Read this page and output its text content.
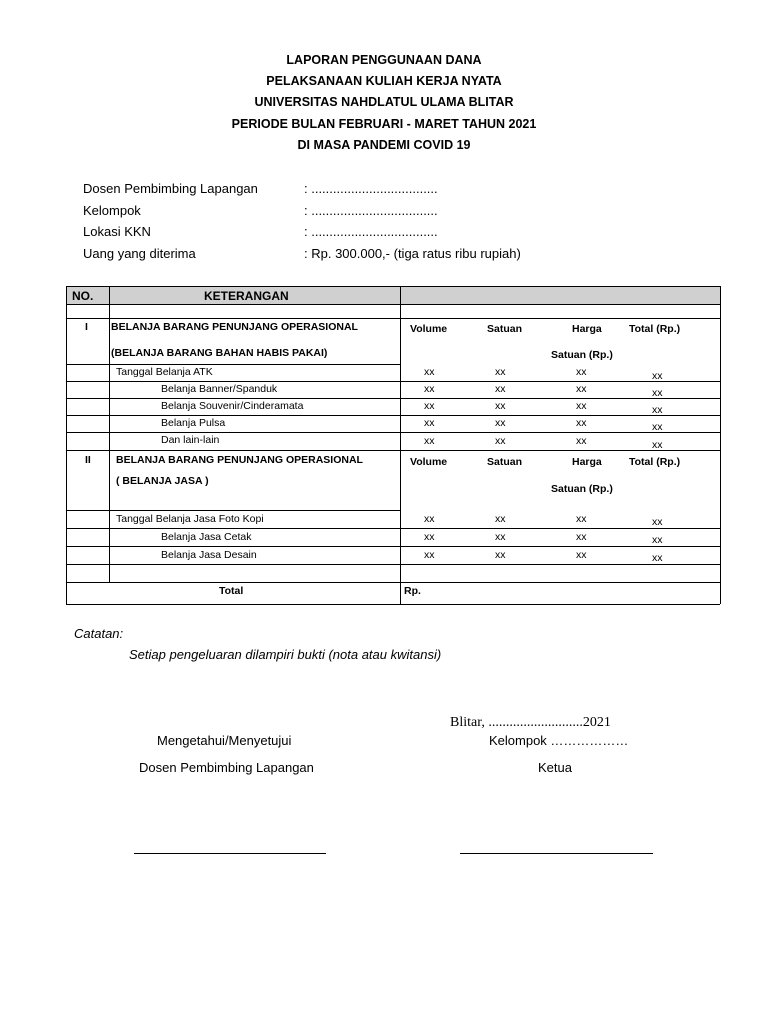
LAPORAN PENGGUNAAN DANA
PELAKSANAAN KULIAH KERJA NYATA
UNIVERSITAS NAHDLATUL ULAMA BLITAR
PERIODE BULAN FEBRUARI - MARET TAHUN 2021
DI MASA PANDEMI COVID 19
Dosen Pembimbing Lapangan	: ...................................
Kelompok	: ...................................
Lokasi KKN	: ...................................
Uang yang diterima	: Rp. 300.000,- (tiga ratus ribu rupiah)
NO.	KETERANGAN
I BELANJA BARANG PENUNJANG OPERASIONAL
(BELANJA BARANG BAHAN HABIS PAKAI)
Volume	Satuan	Harga	Total (Rp.)
Satuan (Rp.)
Tanggal Belanja ATK	xx	xx	xx	xx
Belanja Banner/Spanduk	xx	xx	xx	xx
Belanja Souvenir/Cinderamata	xx	xx	xx	xx
Belanja Pulsa	xx	xx	xx	xx
Dan lain-lain	xx	xx	xx	xx
II BELANJA BARANG PENUNJANG OPERASIONAL
( BELANJA JASA )
Volume	Satuan	Harga	Total (Rp.)
Satuan (Rp.)
Tanggal Belanja Jasa Foto Kopi	xx	xx	xx	xx
Belanja Jasa Cetak	xx	xx	xx	xx
Belanja Jasa Desain	xx	xx	xx	xx
Total	Rp.
Catatan:
Setiap pengeluaran dilampiri bukti (nota atau kwitansi)
Blitar, ...........................2021
Mengetahui/Menyetujui	Kelompok ………………
Dosen Pembimbing Lapangan	Ketua
